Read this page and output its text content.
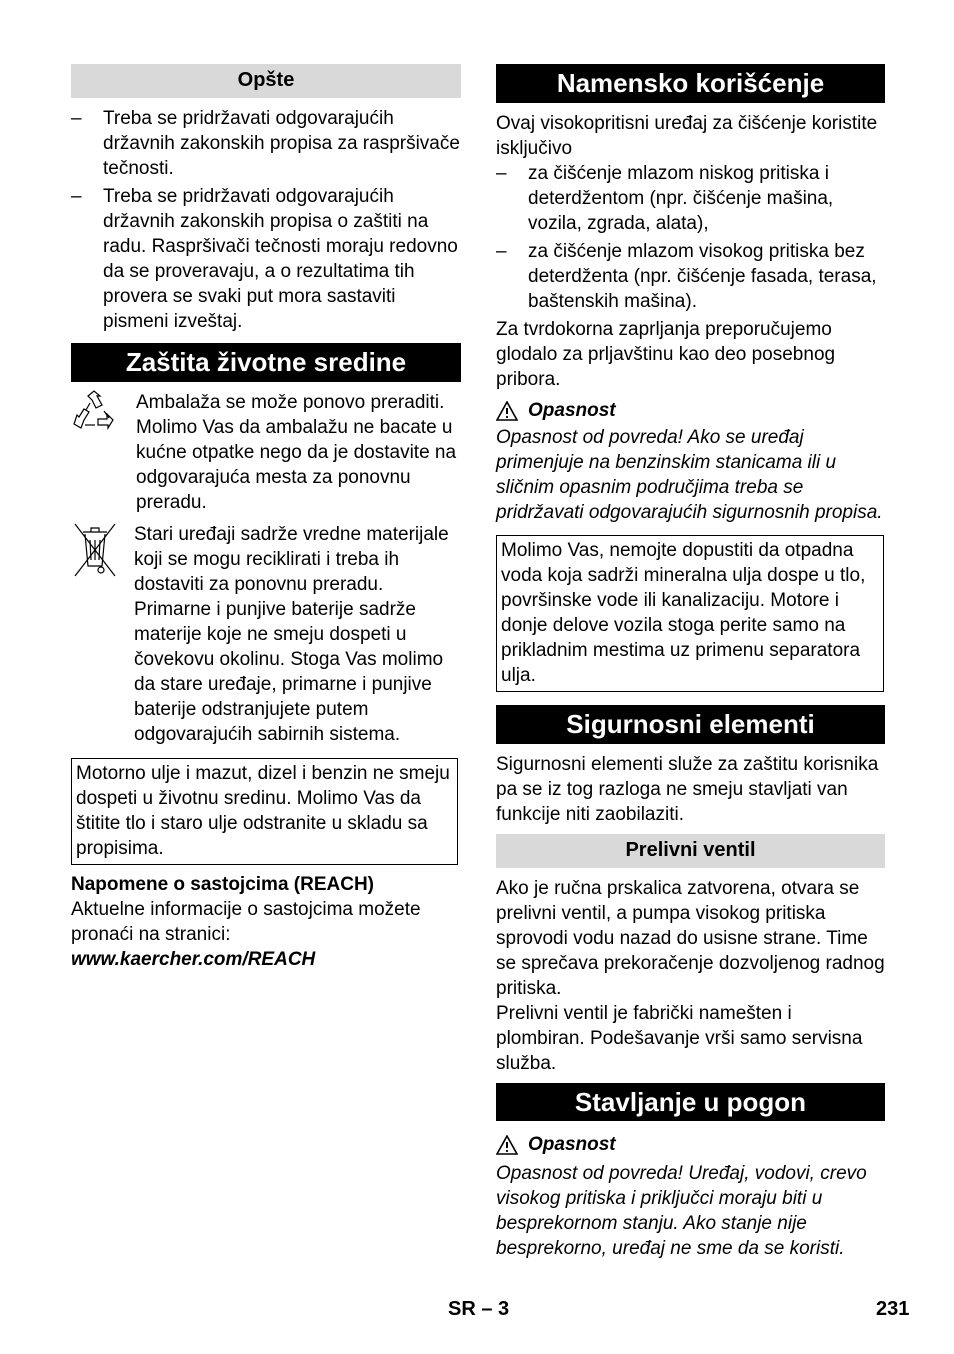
Opšte
– Treba se pridržavati odgovarajućih državnih zakonskih propisa za raspršivače tečnosti.
– Treba se pridržavati odgovarajućih državnih zakonskih propisa o zaštiti na radu. Raspršivači tečnosti moraju redovno da se proveravaju, a o rezultatima tih provera se svaki put mora sastaviti pismeni izveštaj.
Zaštita životne sredine

Ambalaža se može ponovo preraditi. Molimo Vas da ambalažu ne bacate u kućne otpatke nego da je dostavite na odgovarajuća mesta za ponovnu preradu.

Stari uređaji sadrže vredne materijale koji se mogu reciklirati i treba ih dostaviti za ponovnu preradu. Primarne i punjive baterije sadrže materije koje ne smeju dospeti u čovekovu okolinu. Stoga Vas molimo da stare uređaje, primarne i punjive baterije odstranjujete putem odgovarajućih sabirnih sistema.

Motorno ulje i mazut, dizel i benzin ne smeju dospeti u životnu sredinu. Molimo Vas da štitite tlo i staro ulje odstranite u skladu sa propisima.

Napomene o sastojcima (REACH)

Aktuelne informacije o sastojcima možete pronaći na stranici:

www.kaercher.com/REACH

Namensko korišćenje

Ovaj visokopritisni uređaj za čišćenje koristite isključivo

– za čišćenje mlazom niskog pritiska i deterdžentom (npr. čišćenje mašina, vozila, zgrada, alata),
– za čišćenje mlazom visokog pritiska bez deterdženta (npr. čišćenje fasada, terasa, baštenskih mašina).

Za tvrdokorna zaprljanja preporučujemo glodalo za prljavštinu kao deo posebnog pribora.

Opasnost

Opasnost od povreda! Ako se uređaj primenjuje na benzinskim stanicama ili u sličnim opasnim područjima treba se pridržavati odgovarajućih sigurnosnih propisa.

Molimo Vas, nemojte dopustiti da otpadna voda koja sadrži mineralna ulja dospe u tlo, površinske vode ili kanalizaciju. Motore i donje delove vozila stoga perite samo na prikladnim mestima uz primenu separatora ulja.

Sigurnosni elementi

Sigurnosni elementi služe za zaštitu korisnika pa se iz tog razloga ne smeju stavljati van funkcije niti zaobilaziti.

Prelivni ventil

Ako je ručna prskalica zatvorena, otvara se prelivni ventil, a pumpa visokog pritiska sprovodi vodu nazad do usisne strane. Time se sprečava prekoračenje dozvoljenog radnog pritiska.

Prelivni ventil je fabrički namešten i plombiran. Podešavanje vrši samo servisna služba.

Stavljanje u pogon
Opasnost

Opasnost od povreda! Uređaj, vodovi, crevo visokog pritiska i priključci moraju biti u besprekornom stanju. Ako stanje nije besprekorno, uređaj ne sme da se koristi.

SR – 3	231
